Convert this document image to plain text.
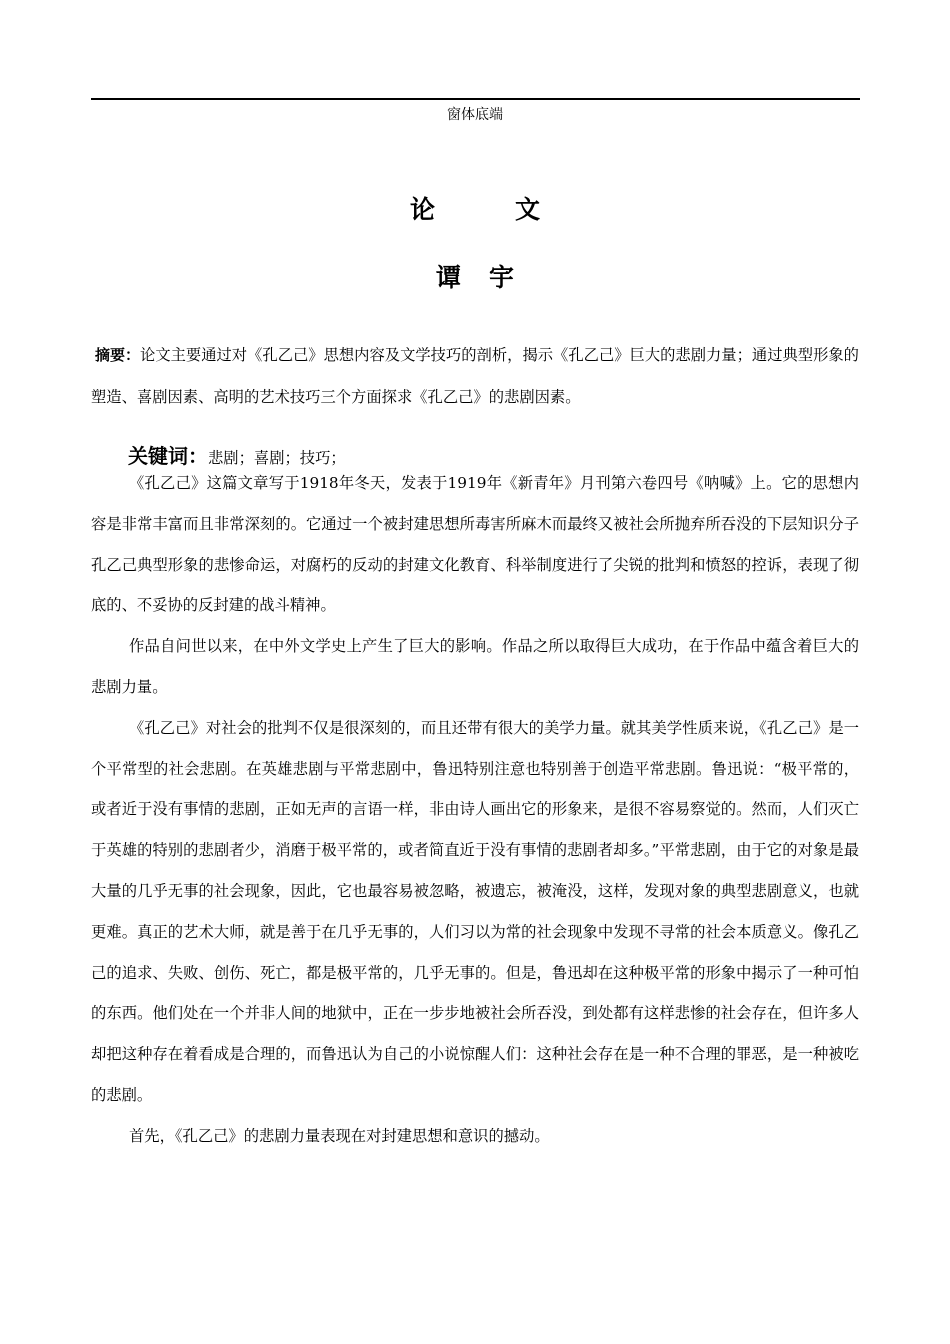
窗体底端
论	文
谭 宇
摘要：论文主要通过对《孔乙己》思想内容及文学技巧的剖析，揭示《孔乙己》巨大的悲剧力量；通过典型形象的塑造、喜剧因素、高明的艺术技巧三个方面探求《孔乙己》的悲剧因素。
关键词：悲剧；喜剧；技巧；

《孔乙己》这篇文章写于1918年冬天，发表于1919年《新青年》月刊第六卷四号《呐喊》上。它的思想内容是非常丰富而且非常深刻的。它通过一个被封建思想所毒害所麻木而最终又被社会所抛弃所吞没的下层知识分子孔乙己典型形象的悲惨命运，对腐朽的反动的封建文化教育、科举制度进行了尖锐的批判和愤怒的控诉，表现了彻底的、不妥协的反封建的战斗精神。

作品自问世以来，在中外文学史上产生了巨大的影响。作品之所以取得巨大成功，在于作品中蕴含着巨大的悲剧力量。

《孔乙己》对社会的批判不仅是很深刻的，而且还带有很大的美学力量。就其美学性质来说，《孔乙己》是一个平常型的社会悲剧。在英雄悲剧与平常悲剧中，鲁迅特别注意也特别善于创造平常悲剧。鲁迅说：“极平常的，或者近于没有事情的悲剧，正如无声的言语一样，非由诗人画出它的形象来，是很不容易察觉的。然而，人们灭亡于英雄的特别的悲剧者少，消磨于极平常的，或者简直近于没有事情的悲剧者却多。”平常悲剧，由于它的对象是最大量的几乎无事的社会现象，因此，它也最容易被忽略，被遗忘，被淹没，这样，发现对象的典型悲剧意义，也就更难。真正的艺术大师，就是善于在几乎无事的，人们习以为常的社会现象中发现不寻常的社会本质意义。像孔乙己的追求、失败、创伤、死亡，都是极平常的，几乎无事的。但是，鲁迅却在这种极平常的形象中揭示了一种可怕的东西。他们处在一个并非人间的地狱中，正在一步步地被社会所吞没，到处都有这样悲惨的社会存在，但许多人却把这种存在着看成是合理的，而鲁迅认为自己的小说惊醒人们：这种社会存在是一种不合理的罪恶，是一种被吃的悲剧。

首先，《孔乙己》的悲剧力量表现在对封建思想和意识的撼动。
